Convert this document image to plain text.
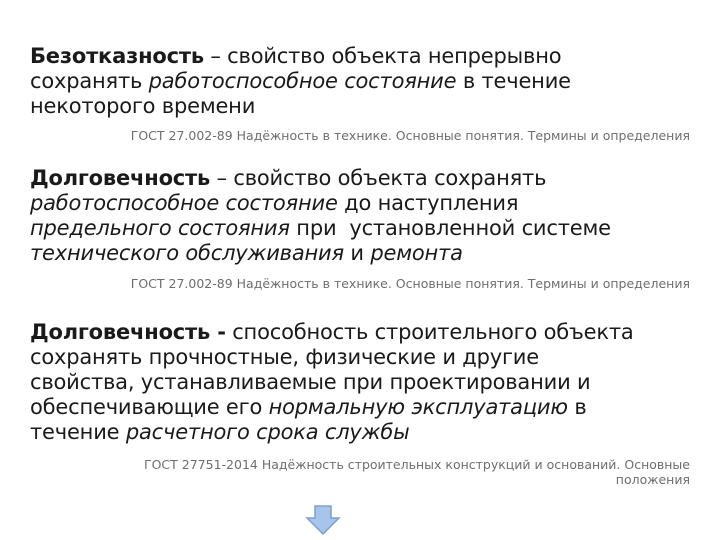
Безотказность – свойство объекта непрерывно
сохранять работоспособное состояние в течение
некоторого времени
ГОСТ 27.002-89 Надёжность в технике. Основные понятия. Термины и определения
Долговечность – свойство объекта сохранять
работоспособное состояние до наступления
предельного состояния при  установленной системе
технического обслуживания и ремонта
ГОСТ 27.002-89 Надёжность в технике. Основные понятия. Термины и определения
Долговечность - способность строительного объекта
сохранять прочностные, физические и другие
свойства, устанавливаемые при проектировании и
обеспечивающие его нормальную эксплуатацию в
течение расчетного срока службы
ГОСТ 27751-2014 Надёжность строительных конструкций и оснований. Основные
положения
